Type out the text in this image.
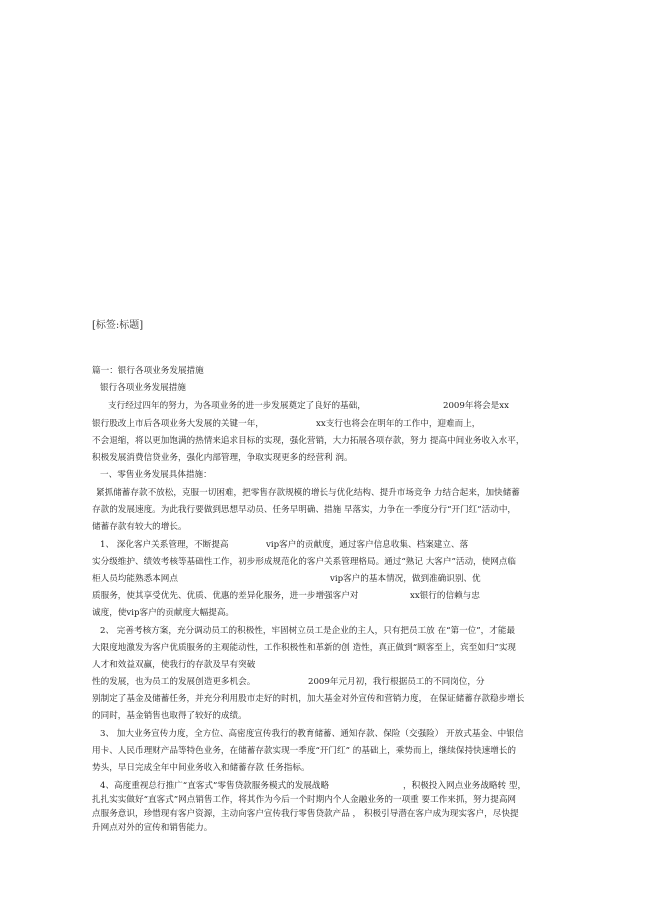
[标签:标题]
篇一：银行各项业务发展措施
银行各项业务发展措施
支行经过四年的努力，为各项业务的进一步发展奠定了良好的基础，	2009年将会是xx
银行股改上市后各项业务大发展的关键一年，	xx支行也将会在明年的工作中，迎难而上，
不会退缩，将以更加饱满的热情来追求目标的实现，强化营销，大力拓展各项存款，努力 提高中间业务收入水平，
积极发展消费信贷业务，强化内部管理，争取实现更多的经营利 润。
一、零售业务发展具体措施：
紧抓储蓄存款不放松，克服一切困难，把零售存款规模的增长与优化结构、提升市场竞争 力结合起来，加快储蓄
存款的发展速度。为此我行要做到思想早动员、任务早明确、措施 早落实，力争在一季度分行“开门红”活动中，
储蓄存款有较大的增长。
1、 深化客户关系管理，不断提高	vip客户的贡献度，通过客户信息收集、档案建立、落
实分级维护、绩效考核等基础性工作，初步形成规范化的客户关系管理格局。通过“熟记 大客户”活动，使网点临
柜人员均能熟悉本网点	vip客户的基本情况，做到准确识别、优
质服务，使其享受优先、优质、优惠的差异化服务，进一步增强客户对	xx银行的信赖与忠
诚度，使vip客户的贡献度大幅提高。
2、 完善考核方案，充分调动员工的积极性，牢固树立员工是企业的主人，只有把员工放 在“第一位”，才能最
大限度地激发为客户优质服务的主观能动性，工作积极性和革新的创 造性，真正做到“顾客至上，宾至如归”实现
人才和效益双赢，使我行的存款及早有突破
性的发展，也为员工的发展创造更多机会。	2009年元月初，我行根据员工的不同岗位，分
别制定了基金及储蓄任务，并充分利用股市走好的时机，加大基金对外宣传和营销力度， 在保证储蓄存款稳步增长
的同时，基金销售也取得了较好的成绩。
3、 加大业务宣传力度，全方位、高密度宣传我行的教育储蓄、通知存款、保险（交强险） 开放式基金、中银信
用卡、人民币理财产品等特色业务，在储蓄存款实现一季度“开门红” 的基础上，乘势而上，继续保持快速增长的
势头，早日完成全年中间业务收入和储蓄存款 任务指标。
4、高度重视总行推广“直客式”零售贷款服务模式的发展战略	，积极投入网点业务战略转 型，
扎扎实实做好“直客式”网点销售工作，将其作为今后一个时期内个人金融业务的一项重 要工作来抓，努力提高网
点服务意识，珍惜现有客户资源，主动向客户宣传我行零售贷款产品 ， 积极引导潜在客户成为现实客户，尽快提
升网点对外的宣传和销售能力。
